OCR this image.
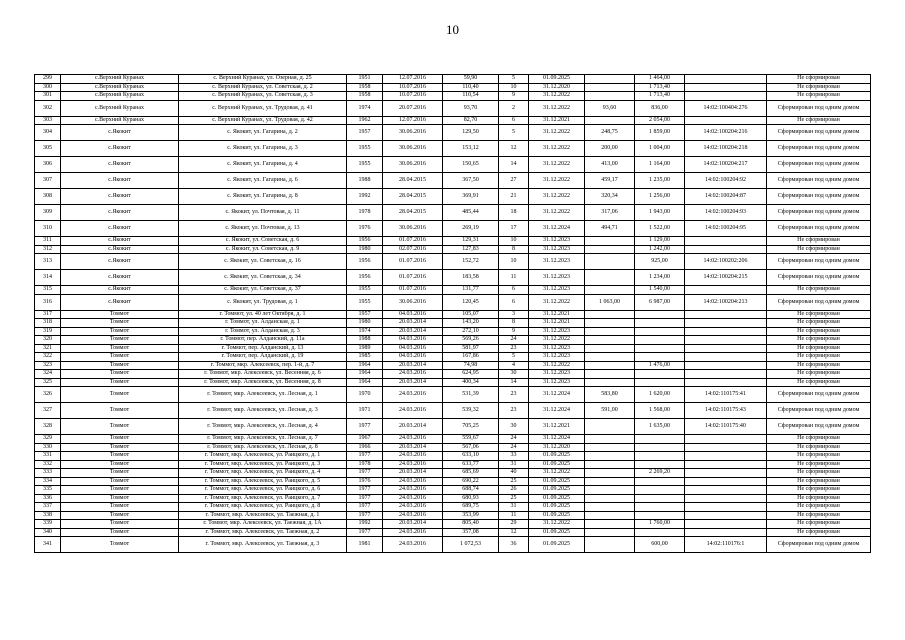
10
299	с.Верхний Куранах	с. Верхний Куранах, ул. Озерная, д. 25	1951	12.07.2016	59,90	5	01.09.2025		1 464,00		Не сформирован
300	с.Верхний Куранах	с. Верхний Куранах, ул. Советская, д. 2	1958	10.07.2016	110,40	10	31.12.2020		1 713,40		Не сформирован
301	с.Верхний Куранах	с. Верхний Куранах, ул. Советская, д. 3	1958	10.07.2016	110,54	9	31.12.2022		1 713,40		Не сформирован
302	с.Верхний Куранах	с. Верхний Куранах, ул. Трудовая, д. 41	1974	20.07.2016	93,70	2	31.12.2022	93,60	836,00	14:02:100404:276	Сформирован под одним домом
303	с.Верхний Куранах	с. Верхний Куранах, ул. Трудовая, д. 42	1962	12.07.2016	82,70	6	31.12.2021		2 054,00		Не сформирован
304	с.Якокит	с. Якокит, ул. Гагарина, д. 2	1957	30.06.2016	129,50	5	31.12.2022	248,75	1 859,00	14:02:100204:216	Сформирован под одним домом
305	с.Якокит	с. Якокит, ул. Гагарина, д. 3	1955	30.06.2016	153,12	12	31.12.2022	200,00	1 004,00	14:02:100204:218	Сформирован под одним домом
306	с.Якокит	с. Якокит, ул. Гагарина, д. 4	1955	30.06.2016	150,65	14	31.12.2022	413,00	1 164,00	14:02:100204:217	Сформирован под одним домом
307	с.Якокит	с. Якокит, ул. Гагарина, д. 6	1988	28.04.2015	367,50	27	31.12.2022	459,17	1 235,00	14:02:100204:92	Сформирован под одним домом
308	с.Якокит	с. Якокит, ул. Гагарина, д. 8	1992	28.04.2015	369,91	21	31.12.2022	320,34	1 256,00	14:02:100204:87	Сформирован под одним домом
309	с.Якокит	с. Якокит, ул. Почтовая, д. 11	1978	28.04.2015	485,44	18	31.12.2022	317,06	1 943,00	14:02:100204:93	Сформирован под одним домом
310	с.Якокит	с. Якокит, ул. Почтовая, д. 13	1976	30.06.2016	269,19	17	31.12.2024	494,71	1 522,00	14:02:100204:95	Сформирован под одним домом
311	с.Якокит	с. Якокит, ул. Советская, д. 6	1956	01.07.2016	129,31	10	31.12.2023		1 129,00		Не сформирован
312	с.Якокит	с. Якокит, ул. Советская, д. 9	1980	02.07.2016	127,83	8	31.12.2023		1 242,00		Не сформирован
313	с.Якокит	с. Якокит, ул. Советская, д. 16	1956	01.07.2016	152,72	10	31.12.2023		925,00	14:02:100202:206	Сформирован под одним домом
314	с.Якокит	с. Якокит, ул. Советская, д. 34	1956	01.07.2016	183,58	11	31.12.2023		1 234,00	14:02:100204:215	Сформирован под одним домом
315	с.Якокит	с. Якокит, ул. Советская, д. 37	1955	01.07.2016	131,77	6	31.12.2023		1 540,00		Не сформирован
316	с.Якокит	с. Якокит, ул. Трудовая, д. 1	1955	30.06.2016	120,45	6	31.12.2022	1 063,00	6 987,00	14:02:100204:213	Сформирован под одним домом
317	Томмот	г. Томмот, ул. 40 лет Октября, д. 1	1957	04.03.2016	105,07	3	31.12.2021				Не сформирован
318	Томмот	г. Томмот, ул. Алданская, д. 1	1980	20.03.2014	143,20	8	31.12.2021				Не сформирован
319	Томмот	г. Томмот, ул. Алданская, д. 3	1974	20.03.2014	272,10	9	31.12.2023				Не сформирован
320	Томмот	г. Томмот, пер. Алданский, д. 11а	1988	04.03.2016	569,26	24	31.12.2022				Не сформирован
321	Томмот	г. Томмот, пер. Алданский, д. 13	1989	04.03.2016	581,97	23	31.12.2023				Не сформирован
322	Томмот	г. Томмот, пер. Алданский, д. 19	1985	04.03.2016	167,86	5	31.12.2023				Не сформирован
323	Томмот	г. Томмот, мкр. Алексеевск, пер. 1-й, д. 7	1964	20.03.2014	74,98	4	31.12.2022		1 476,00		Не сформирован
324	Томмот	г. Томмот, мкр. Алексеевск, ул. Весенняя, д. 6	1964	24.03.2016	624,95	30	31.12.2023				Не сформирован
325	Томмот	г. Томмот, мкр. Алексеевск, ул. Весенняя, д. 8	1964	20.03.2014	400,34	14	31.12.2023				Не сформирован
326	Томмот	г. Томмот, мкр. Алексеевск, ул. Лесная, д. 1	1970	24.03.2016	531,39	23	31.12.2024	583,80	1 620,00	14:02:110175:41	Сформирован под одним домом
327	Томмот	г. Томмот, мкр. Алексеевск, ул. Лесная, д. 3	1971	24.03.2016	539,32	23	31.12.2024	591,00	1 568,00	14:02:110175:43	Сформирован под одним домом
328	Томмот	г. Томмот, мкр. Алексеевск, ул. Лесная, д. 4	1977	20.03.2014	705,25	30	31.12.2021		1 635,00	14:02:110175:40	Сформирован под одним домом
329	Томмот	г. Томмот, мкр. Алексеевск, ул. Лесная, д. 7	1967	24.03.2016	559,67	24	31.12.2024				Не сформирован
330	Томмот	г. Томмот, мкр. Алексеевск, ул. Лесная, д. 8	1966	20.03.2014	567,06	24	31.12.2020				Не сформирован
331	Томмот	г. Томмот, мкр. Алексеевск, ул. Раицкого, д. 1	1977	24.03.2016	633,10	33	01.09.2025				Не сформирован
332	Томмот	г. Томмот, мкр. Алексеевск, ул. Раицкого, д. 3	1978	24.03.2016	633,77	31	01.09.2025				Не сформирован
333	Томмот	г. Томмот, мкр. Алексеевск, ул. Раицкого, д. 4	1977	20.03.2014	685,69	40	31.12.2022		2 269,20		Не сформирован
334	Томмот	г. Томмот, мкр. Алексеевск, ул. Раицкого, д. 5	1976	24.03.2016	690,22	25	01.09.2025				Не сформирован
335	Томмот	г. Томмот, мкр. Алексеевск, ул. Раицкого, д. 6	1977	24.03.2016	688,74	26	01.09.2025				Не сформирован
336	Томмот	г. Томмот, мкр. Алексеевск, ул. Раицкого, д. 7	1977	24.03.2016	680,93	25	01.09.2025				Не сформирован
337	Томмот	г. Томмот, мкр. Алексеевск, ул. Раицкого, д. 8	1977	24.03.2016	689,75	31	01.09.2025				Не сформирован
338	Томмот	г. Томмот, мкр. Алексеевск, ул. Таежная, д. 1	1977	24.03.2016	353,99	11	01.09.2025				Не сформирован
339	Томмот	г. Томмот, мкр. Алексеевск, ул. Таежная, д. 1А	1992	20.03.2014	805,40	29	31.12.2022		1 760,00		Не сформирован
340	Томмот	г. Томмот, мкр. Алексеевск, ул. Таежная, д. 2	1977	24.03.2016	357,08	12	01.09.2025				Не сформирован
341	Томмот	г. Томмот, мкр. Алексеевск, ул. Таежная, д. 3	1981	24.03.2016	1 072,53	36	01.09.2025		600,00	14:02:110176:1	Сформирован под одним домом
